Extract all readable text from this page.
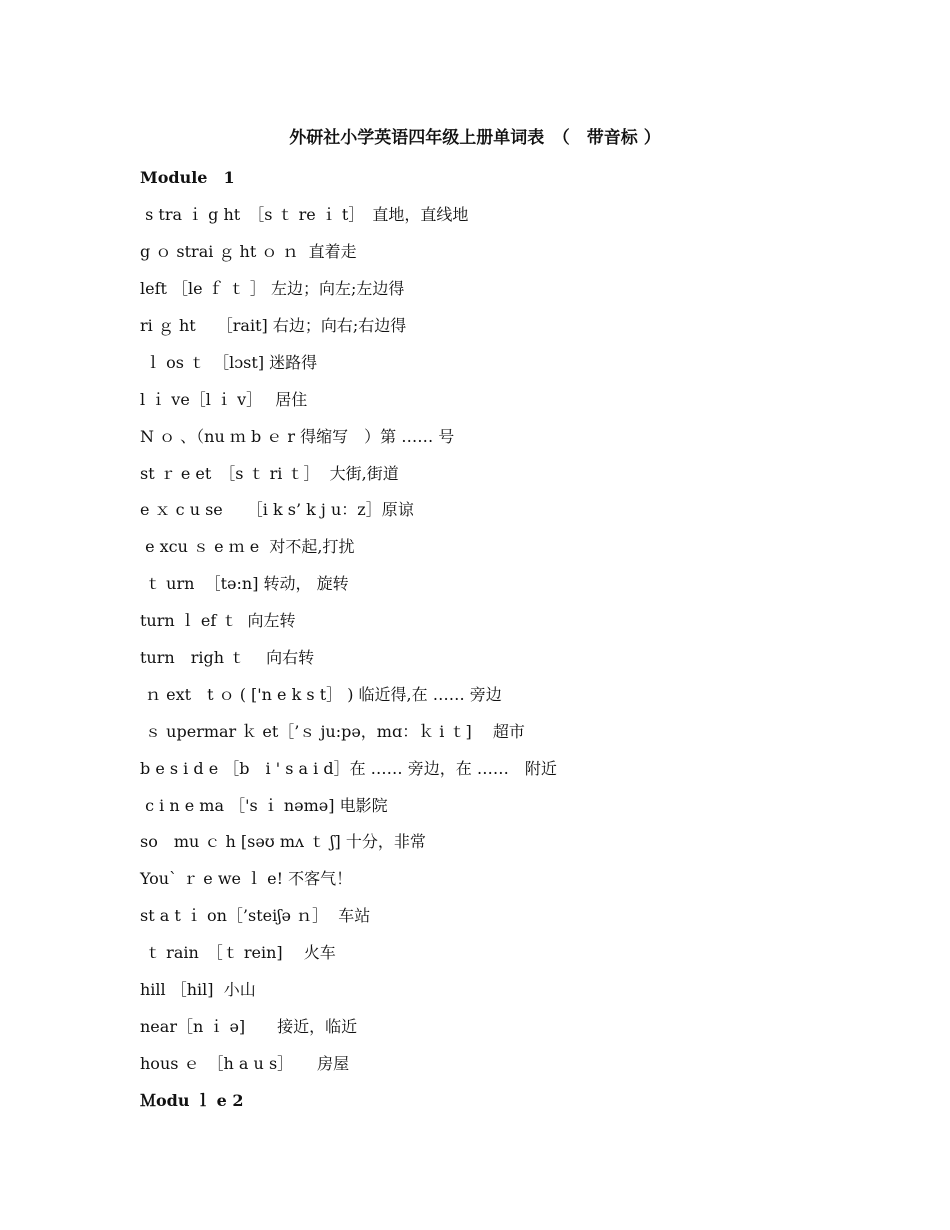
外研社小学英语四年级上册单词表　（　带音标 ）
Module　1
s tra ｉ g ht　［s ｔ re ｉ t］　直地，直线地
g ｏ strai ｇ ht ｏ ｎ  直着走
left ［le ｆ ｔ ］ 左边；向左;左边得
ri ｇ ht　 ［rait] 右边；向右;右边得
ｌ os ｔ　［lɔst] 迷路得
l ｉ ve［l ｉ v］　 居住
N ｏ 、（nu ｍ b ｅ r 得缩写　）第 …… 号
st ｒ e et　［s ｔ ri ｔ］  大街,街道
e ｘ c u se　　［i k s’ k j u：z］原谅
e xcu ｓ e ｍ e  对不起,打扰
ｔ urn  ［tə:n] 转动， 旋转
turn ｌ ef ｔ  向左转
turn　righ ｔ　 向右转
ｎ ext　t ｏ ( ['n e k s t］ ) 临近得,在 …… 旁边
ｓ upermar ｋ et［’ｓ ju:pə，mɑ：ｋ i ｔ]　 超市
b e s i d e ［b　i ' s a i d］在 …… 旁边，在 ……　附近
c i n e ma ［'s ｉ nəmə] 电影院
so　mu ｃ h [səʊ mʌ ｔ ʃ] 十分，非常
You` ｒ e we ｌ e! 不客气！
st a t ｉ on［’steiʃə ｎ］  车站
ｔ rain　［ｔ rein]　 火车
hill ［hil]  小山
near［n ｉ ə]　　接近，临近
hous ｅ　［h a u s］　　房屋
Ｍodu ｌ e 2
